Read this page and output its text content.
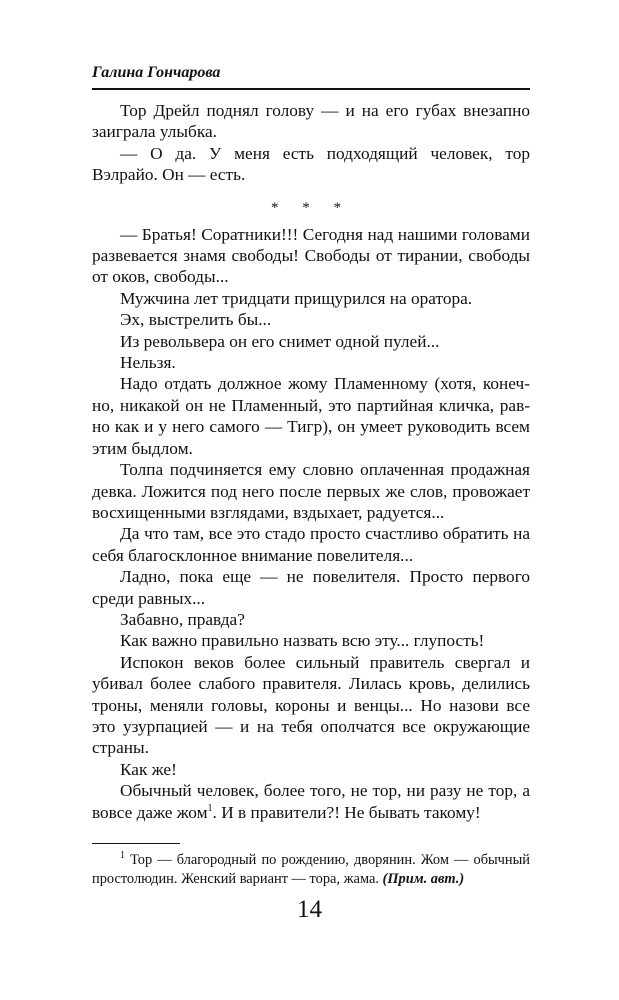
Галина Гончарова

Тор Дрейл поднял голову — и на его губах внезапно заиграла улыбка.

— О да. У меня есть подходящий человек, тор Вэлрайо. Он — есть.

* * *

— Братья! Соратники!!! Сегодня над нашими головами развевается знамя свободы! Свободы от тирании, свободы от оков, свободы...

Мужчина лет тридцати прищурился на оратора.

Эх, выстрелить бы...

Из револьвера он его снимет одной пулей...

Нельзя.

Надо отдать должное жому Пламенному (хотя, конечно, никакой он не Пламенный, это партийная кличка, равно как и у него самого — Тигр), он умеет руководить всем этим быдлом.

Толпа подчиняется ему словно оплаченная продажная девка. Ложится под него после первых же слов, провожает восхищенными взглядами, вздыхает, радуется...

Да что там, все это стадо просто счастливо обратить на себя благосклонное внимание повелителя...

Ладно, пока еще — не повелителя. Просто первого среди равных...

Забавно, правда?

Как важно правильно назвать всю эту... глупость!

Испокон веков более сильный правитель свергал и убивал более слабого правителя. Лилась кровь, делились троны, меняли головы, короны и венцы... Но назови все это узурпацией — и на тебя ополчатся все окружающие страны.

Как же!

Обычный человек, более того, не тор, ни разу не тор, а вовсе даже жом$^1$. И в правители?! Не бывать такому!

$^1$ Тор — благородный по рождению, дворянин. Жом — обычный простолюдин. Женский вариант — тора, жама. (Прим. авт.)

14
